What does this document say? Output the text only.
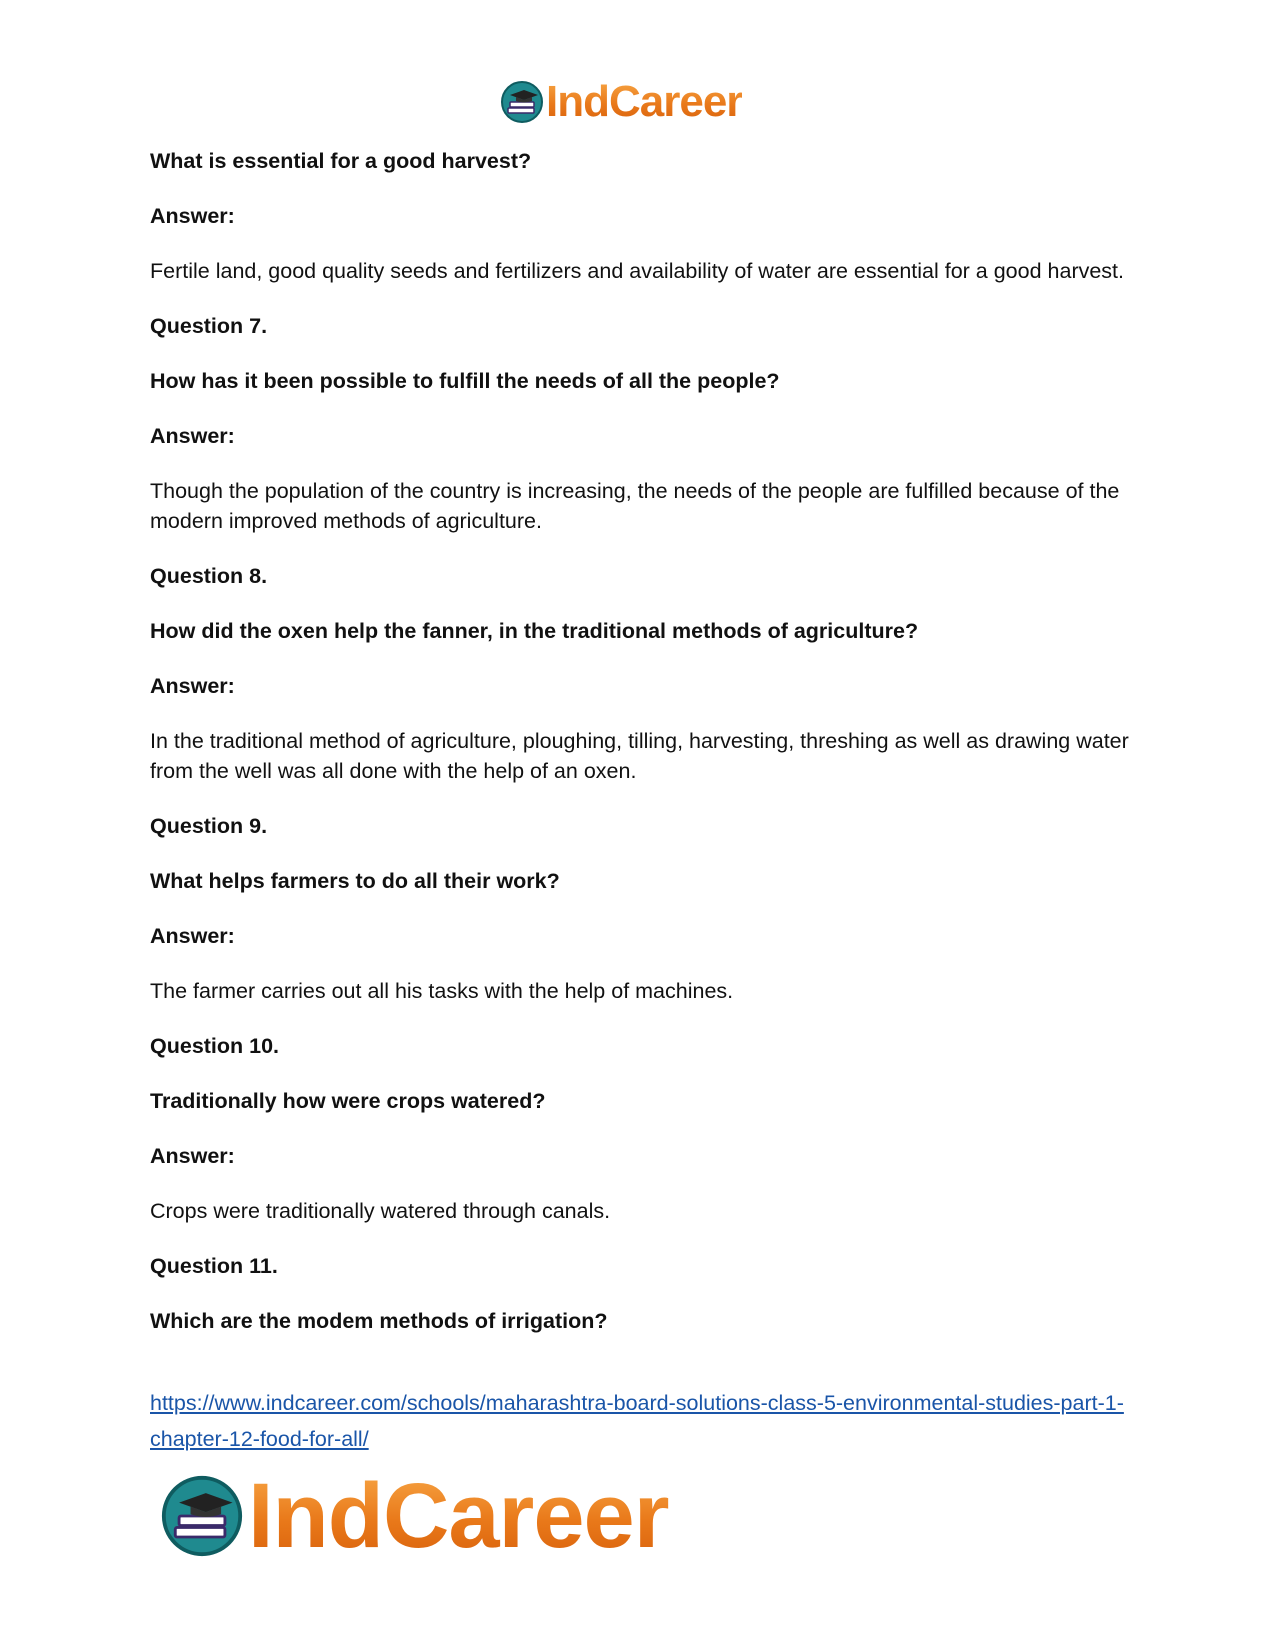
IndCareer

What is essential for a good harvest?

Answer:

Fertile land, good quality seeds and fertilizers and availability of water are essential for a good harvest.

Question 7.

How has it been possible to fulfill the needs of all the people?

Answer:

Though the population of the country is increasing, the needs of the people are fulfilled because of the modern improved methods of agriculture.

Question 8.

How did the oxen help the fanner, in the traditional methods of agriculture?

Answer:

In the traditional method of agriculture, ploughing, tilling, harvesting, threshing as well as drawing water from the well was all done with the help of an oxen.

Question 9.

What helps farmers to do all their work?

Answer:

The farmer carries out all his tasks with the help of machines.

Question 10.

Traditionally how were crops watered?

Answer:

Crops were traditionally watered through canals.

Question 11.

Which are the modem methods of irrigation?

https://www.indcareer.com/schools/maharashtra-board-solutions-class-5-environmental-studies-part-1-chapter-12-food-for-all/
IndCareer
